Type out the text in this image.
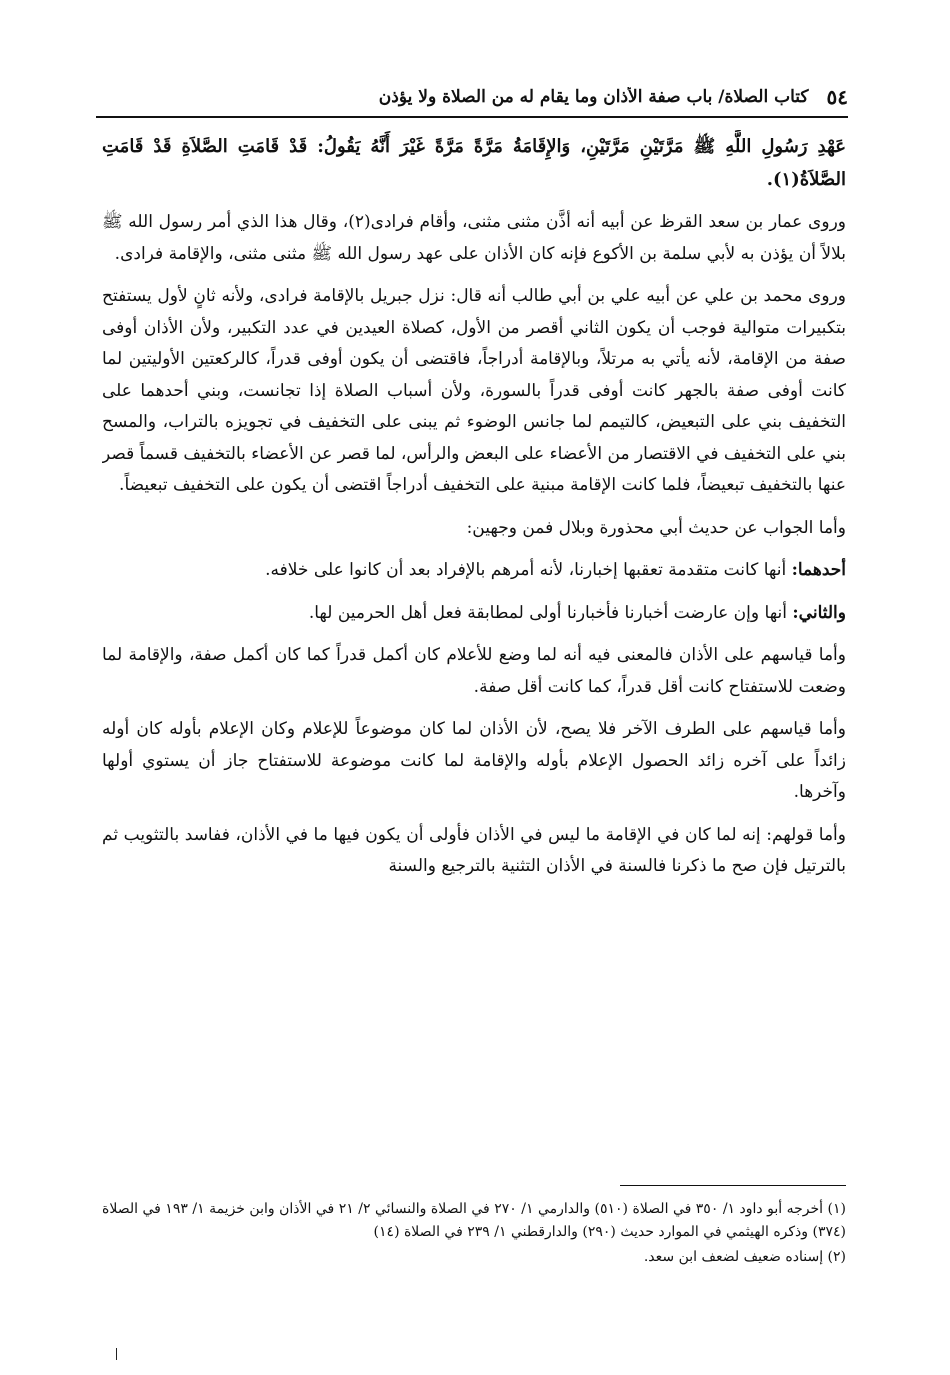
٥٤
كتاب الصلاة/ باب صفة الأذان وما يقام له من الصلاة ولا يؤذن

عَهْدِ رَسُولِ اللَّهِ ﷺ مَرَّتَيْنِ مَرَّتَيْنِ، وَالإِقَامَةُ مَرَّةً مَرَّةً غَيْرَ أَنَّهُ يَقُولُ: قَدْ قَامَتِ الصَّلاَةِ قَدْ قَامَتِ الصَّلاَةُ(١).

وروى عمار بن سعد القرظ عن أبيه أنه أذَّن مثنى مثنى، وأقام فرادى(٢)، وقال هذا الذي أمر رسول الله ﷺ بلالاً أن يؤذن به لأبي سلمة بن الأكوع فإنه كان الأذان على عهد رسول الله ﷺ مثنى مثنى، والإقامة فرادى.

وروى محمد بن علي عن أبيه علي بن أبي طالب أنه قال: نزل جبريل بالإقامة فرادى، ولأنه ثانٍ لأول يستفتح بتكبيرات متوالية فوجب أن يكون الثاني أقصر من الأول، كصلاة العيدين في عدد التكبير، ولأن الأذان أوفى صفة من الإقامة، لأنه يأتي به مرتلاً، وبالإقامة أدراجاً، فاقتضى أن يكون أوفى قدراً، كالركعتين الأوليتين لما كانت أوفى صفة بالجهر كانت أوفى قدراً بالسورة، ولأن أسباب الصلاة إذا تجانست، وبني أحدهما على التخفيف بني على التبعيض، كالتيمم لما جانس الوضوء ثم يبنى على التخفيف في تجويزه بالتراب، والمسح بني على التخفيف في الاقتصار من الأعضاء على البعض والرأس، لما قصر عن الأعضاء بالتخفيف قسماً قصر عنها بالتخفيف تبعيضاً، فلما كانت الإقامة مبنية على التخفيف أدراجاً اقتضى أن يكون على التخفيف تبعيضاً.

وأما الجواب عن حديث أبي محذورة وبلال فمن وجهين:

أحدهما: أنها كانت متقدمة تعقبها إخبارنا، لأنه أمرهم بالإفراد بعد أن كانوا على خلافه.

والثاني: أنها وإن عارضت أخبارنا فأخبارنا أولى لمطابقة فعل أهل الحرمين لها.

وأما قياسهم على الأذان فالمعنى فيه أنه لما وضع للأعلام كان أكمل قدراً كما كان أكمل صفة، والإقامة لما وضعت للاستفتاح كانت أقل قدراً، كما كانت أقل صفة.

وأما قياسهم على الطرف الآخر فلا يصح، لأن الأذان لما كان موضوعاً للإعلام وكان الإعلام بأوله كان أوله زائداً على آخره زائد الحصول الإعلام بأوله والإقامة لما كانت موضوعة للاستفتاح جاز أن يستوي أولها وآخرها.

وأما قولهم: إنه لما كان في الإقامة ما ليس في الأذان فأولى أن يكون فيها ما في الأذان، ففاسد بالتثويب ثم بالترتيل فإن صح ما ذكرنا فالسنة في الأذان التثنية بالترجيع والسنة

(١) أخرجه أبو داود ١/ ٣٥٠ في الصلاة (٥١٠) والدارمي ١/ ٢٧٠ في الصلاة والنسائي ٢/ ٢١ في الأذان وابن خزيمة ١/ ١٩٣ في الصلاة (٣٧٤) وذكره الهيثمي في الموارد حديث (٢٩٠) والدارقطني ١/ ٢٣٩ في الصلاة (١٤)

(٢) إسناده ضعيف لضعف ابن سعد.
